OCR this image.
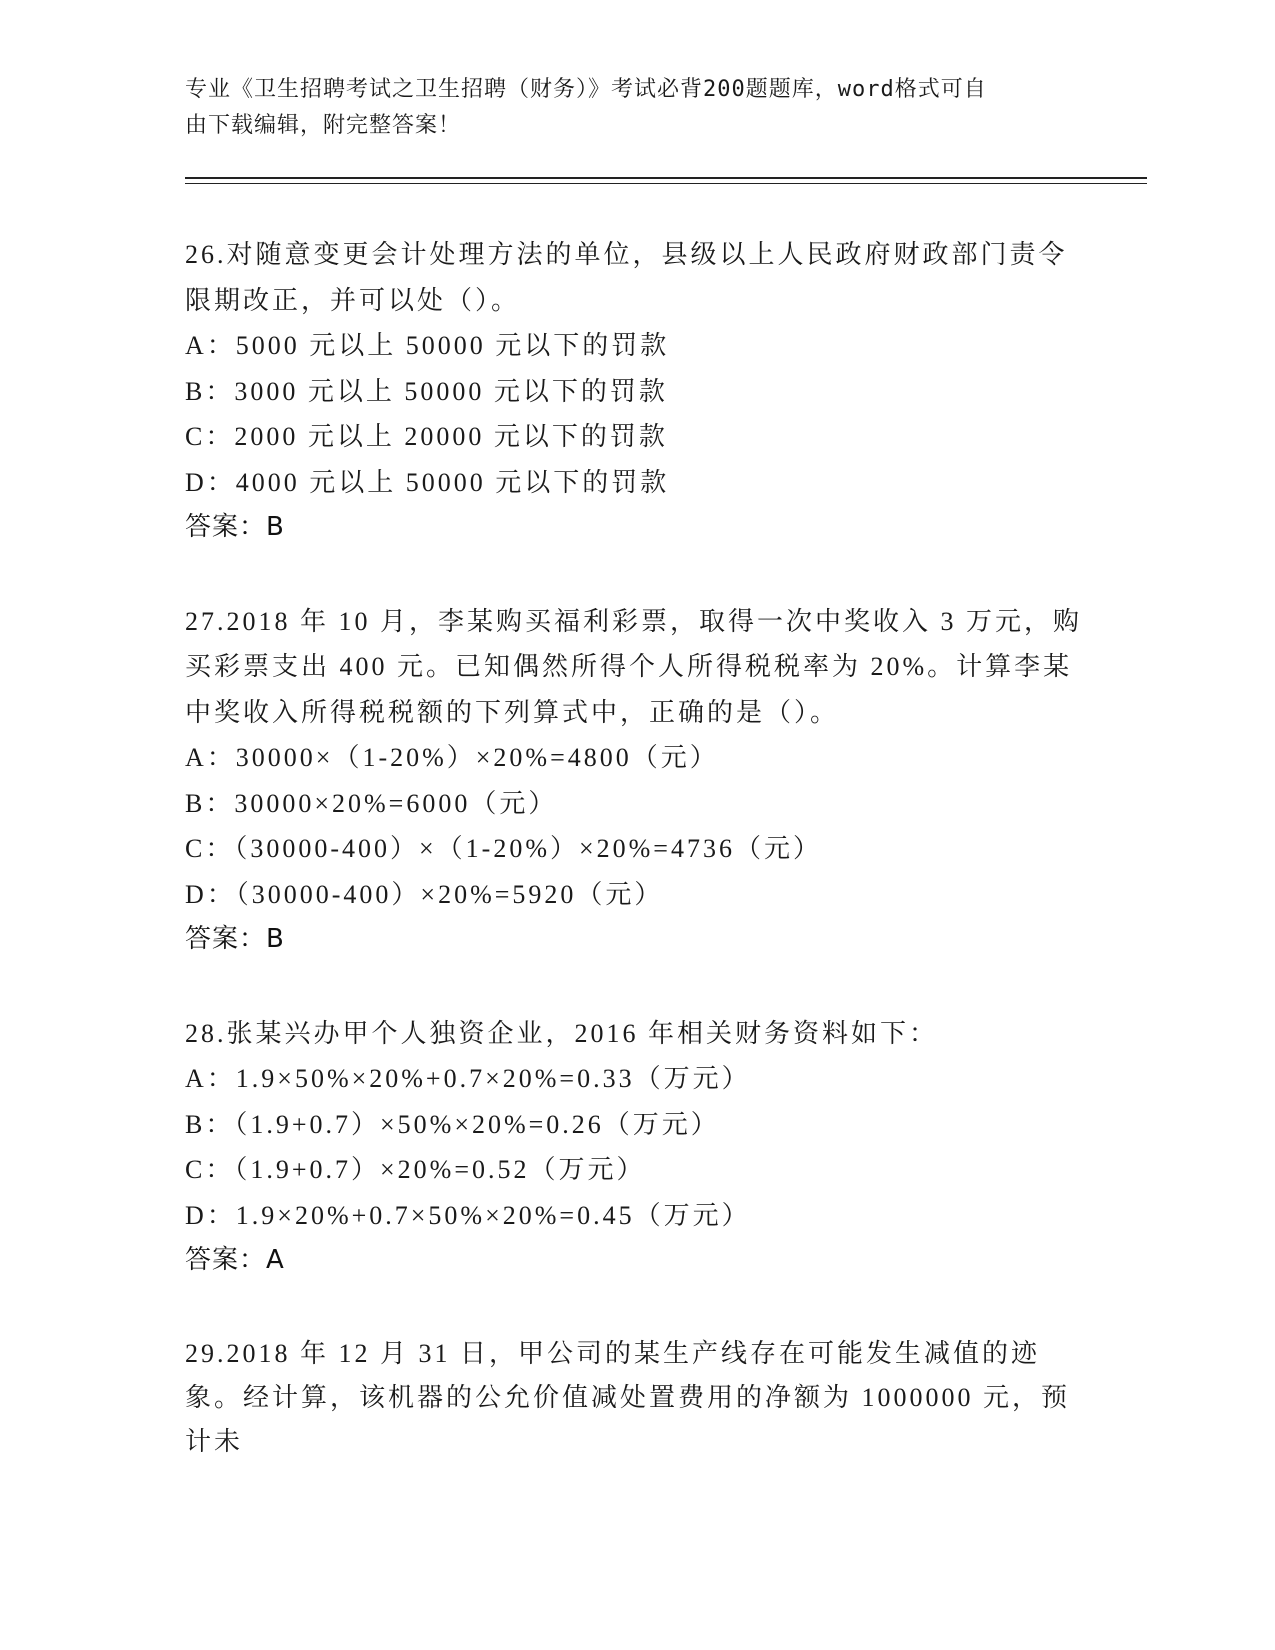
专业《卫生招聘考试之卫生招聘（财务）》考试必背200题题库，word格式可自
由下载编辑，附完整答案！

26.对随意变更会计处理方法的单位，县级以上人民政府财政部门责令限期改正，并可以处（）。

A：5000 元以上 50000 元以下的罚款

B：3000 元以上 50000 元以下的罚款

C：2000 元以上 20000 元以下的罚款

D：4000 元以上 50000 元以下的罚款

答案：B

27.2018 年 10 月，李某购买福利彩票，取得一次中奖收入 3 万元，购买彩票支出 400 元。已知偶然所得个人所得税税率为 20%。计算李某中奖收入所得税税额的下列算式中，正确的是（）。

A：30000×（1-20%）×20%=4800（元）

B：30000×20%=6000（元）

C：（30000-400）×（1-20%）×20%=4736（元）

D：（30000-400）×20%=5920（元）

答案：B

28.张某兴办甲个人独资企业，2016 年相关财务资料如下：

A：1.9×50%×20%+0.7×20%=0.33（万元）

B：（1.9+0.7）×50%×20%=0.26（万元）

C：（1.9+0.7）×20%=0.52（万元）

D：1.9×20%+0.7×50%×20%=0.45（万元）

答案：A

29.2018 年 12 月 31 日，甲公司的某生产线存在可能发生减值的迹象。经计算，该机器的公允价值减处置费用的净额为 1000000 元，预计未
